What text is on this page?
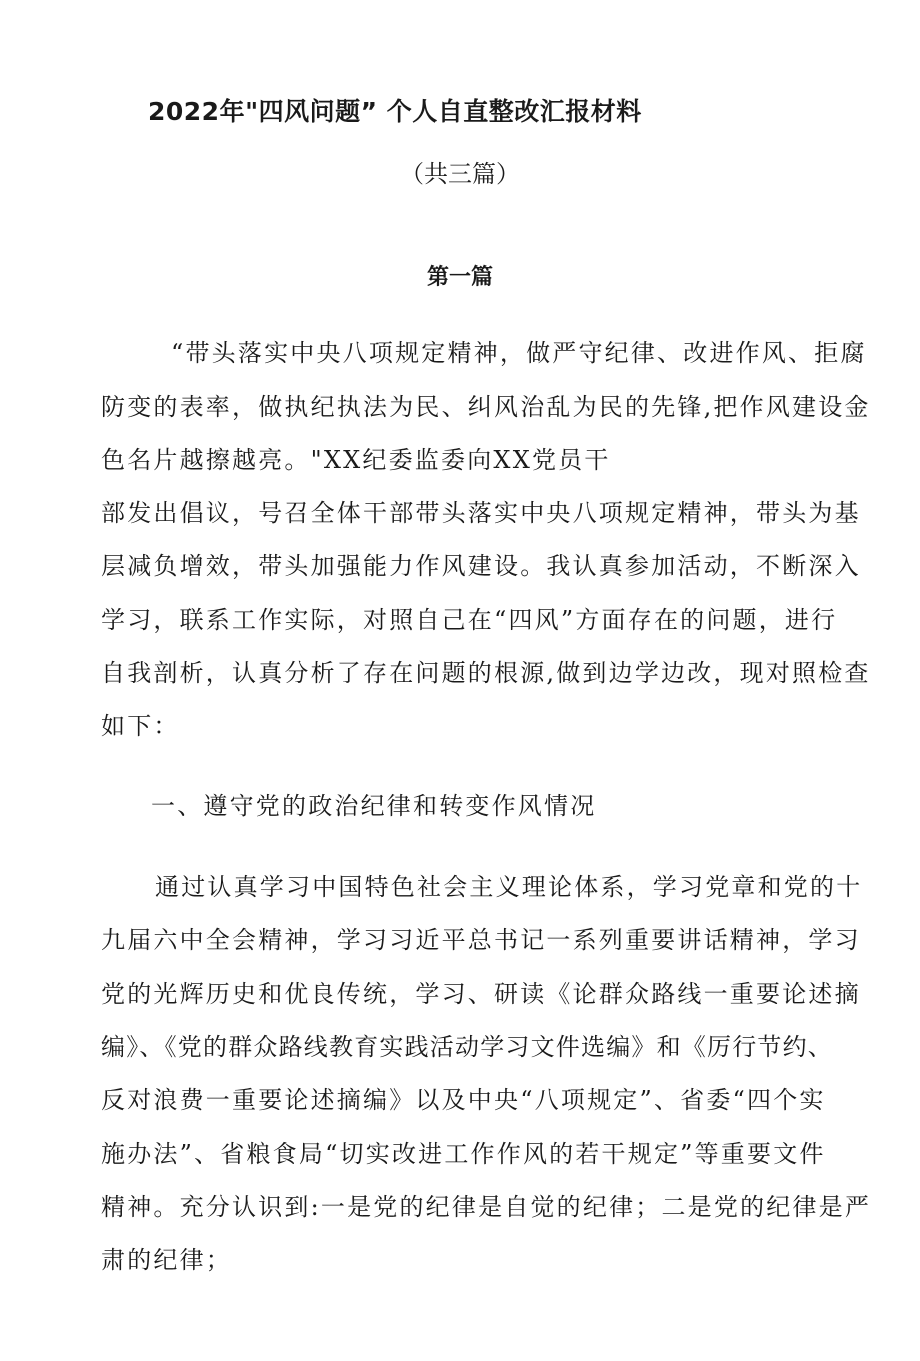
2022年"四风问题” 个人自直整改汇报材料
（共三篇）
第一篇

“带头落实中央八项规定精神，做严守纪律、改进作风、拒腐

防变的表率，做执纪执法为民、纠风治乱为民的先锋,把作风建设金

色名片越擦越亮。"XX纪委监委向XX党员干

部发出倡议，号召全体干部带头落实中央八项规定精神，带头为基

层减负增效，带头加强能力作风建设。我认真参加活动，不断深入

学习，联系工作实际，对照自己在“四风”方面存在的问题，进行

自我剖析，认真分析了存在问题的根源,做到边学边改，现对照检查

如下：

一、遵守党的政治纪律和转变作风情况

通过认真学习中国特色社会主义理论体系，学习党章和党的十

九届六中全会精神，学习习近平总书记一系列重要讲话精神，学习

党的光辉历史和优良传统，学习、研读《论群众路线一重要论述摘

编》、《党的群众路线教育实践活动学习文件选编》和《厉行节约、

反对浪费一重要论述摘编》以及中央“八项规定”、省委“四个实

施办法”、省粮食局“切实改进工作作风的若干规定”等重要文件

精神。充分认识到:一是党的纪律是自觉的纪律；二是党的纪律是严

肃的纪律；
